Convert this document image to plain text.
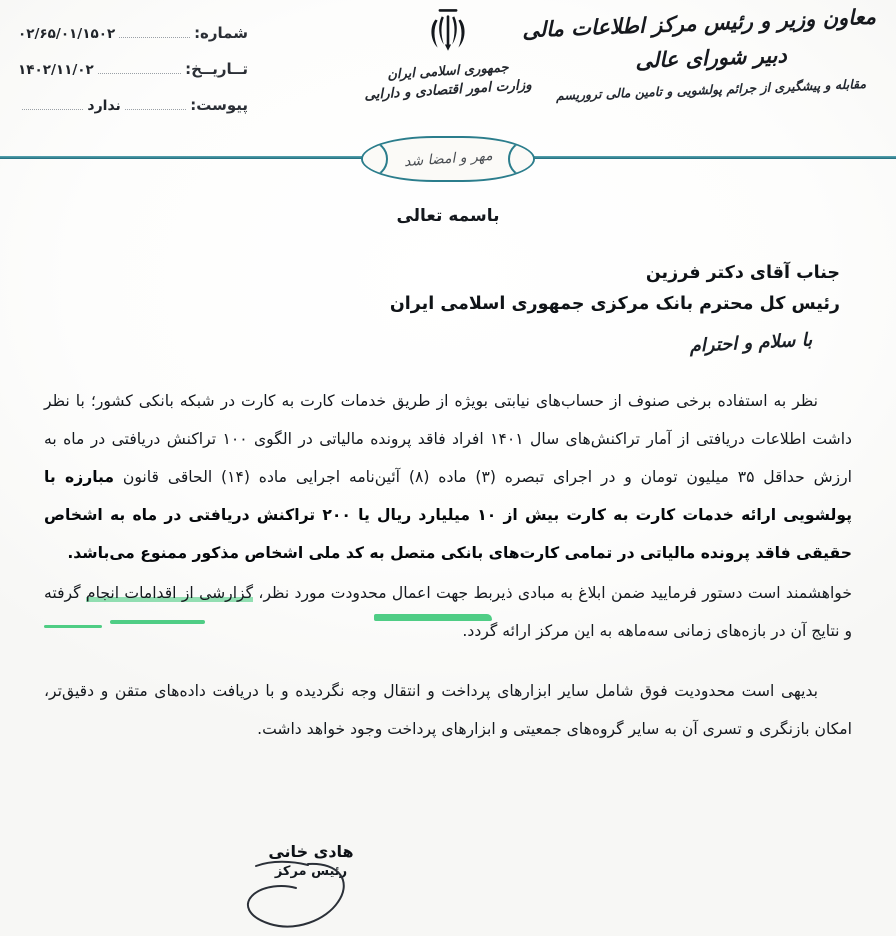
شماره:
۰۲/۶۵/۰۱/۱۵۰۲
تــاریــخ:
۱۴۰۲/۱۱/۰۲
پیوست:
ندارد
جمهوری اسلامی ایران
وزارت امور اقتصادی و دارایی
معاون وزیر و رئیس مرکز اطلاعات مالی
دبیر شورای عالی
مقابله و پیشگیری از جرائم پولشویی و تامین مالی تروریسم
مهر و امضا شد
باسمه تعالی
جناب آقای دکتر فرزین
رئیس کل محترم بانک مرکزی جمهوری اسلامی ایران
با سلام و احترام

نظر به استفاده برخی صنوف از حساب‌های نیابتی بویژه از طریق خدمات کارت به کارت در شبکه بانکی کشور؛ با نظر داشت اطلاعات دریافتی از آمار تراکنش‌های سال ۱۴۰۱ افراد فاقد پرونده مالیاتی در الگوی ۱۰۰ تراکنش دریافتی در ماه به ارزش حداقل ۳۵ میلیون تومان و در اجرای تبصره (۳) ماده (۸) آئین‌نامه اجرایی ماده (۱۴) الحاقی قانون مبارزه با پولشویی ارائه خدمات کارت به کارت بیش از ۱۰ میلیارد ریال یا ۲۰۰ تراکنش دریافتی در ماه به اشخاص حقیقی فاقد پرونده مالیاتی در تمامی کارت‌های بانکی متصل به کد ملی اشخاص مذکور ممنوع می‌باشد.

خواهشمند است دستور فرمایید ضمن ابلاغ به مبادی ذیربط جهت اعمال محدودت مورد نظر، گزارشی از اقدامات انجام گرفته و نتایج آن در بازه‌های زمانی سه‌ماهه به این مرکز ارائه گردد.

بدیهی است محدودیت فوق شامل سایر ابزارهای پرداخت و انتقال وجه نگردیده و با دریافت داده‌های متقن و دقیق‌تر، امکان بازنگری و تسری آن به سایر گروه‌های جمعیتی و ابزارهای پرداخت وجود خواهد داشت.

هادی خانی
رئیس مرکز
